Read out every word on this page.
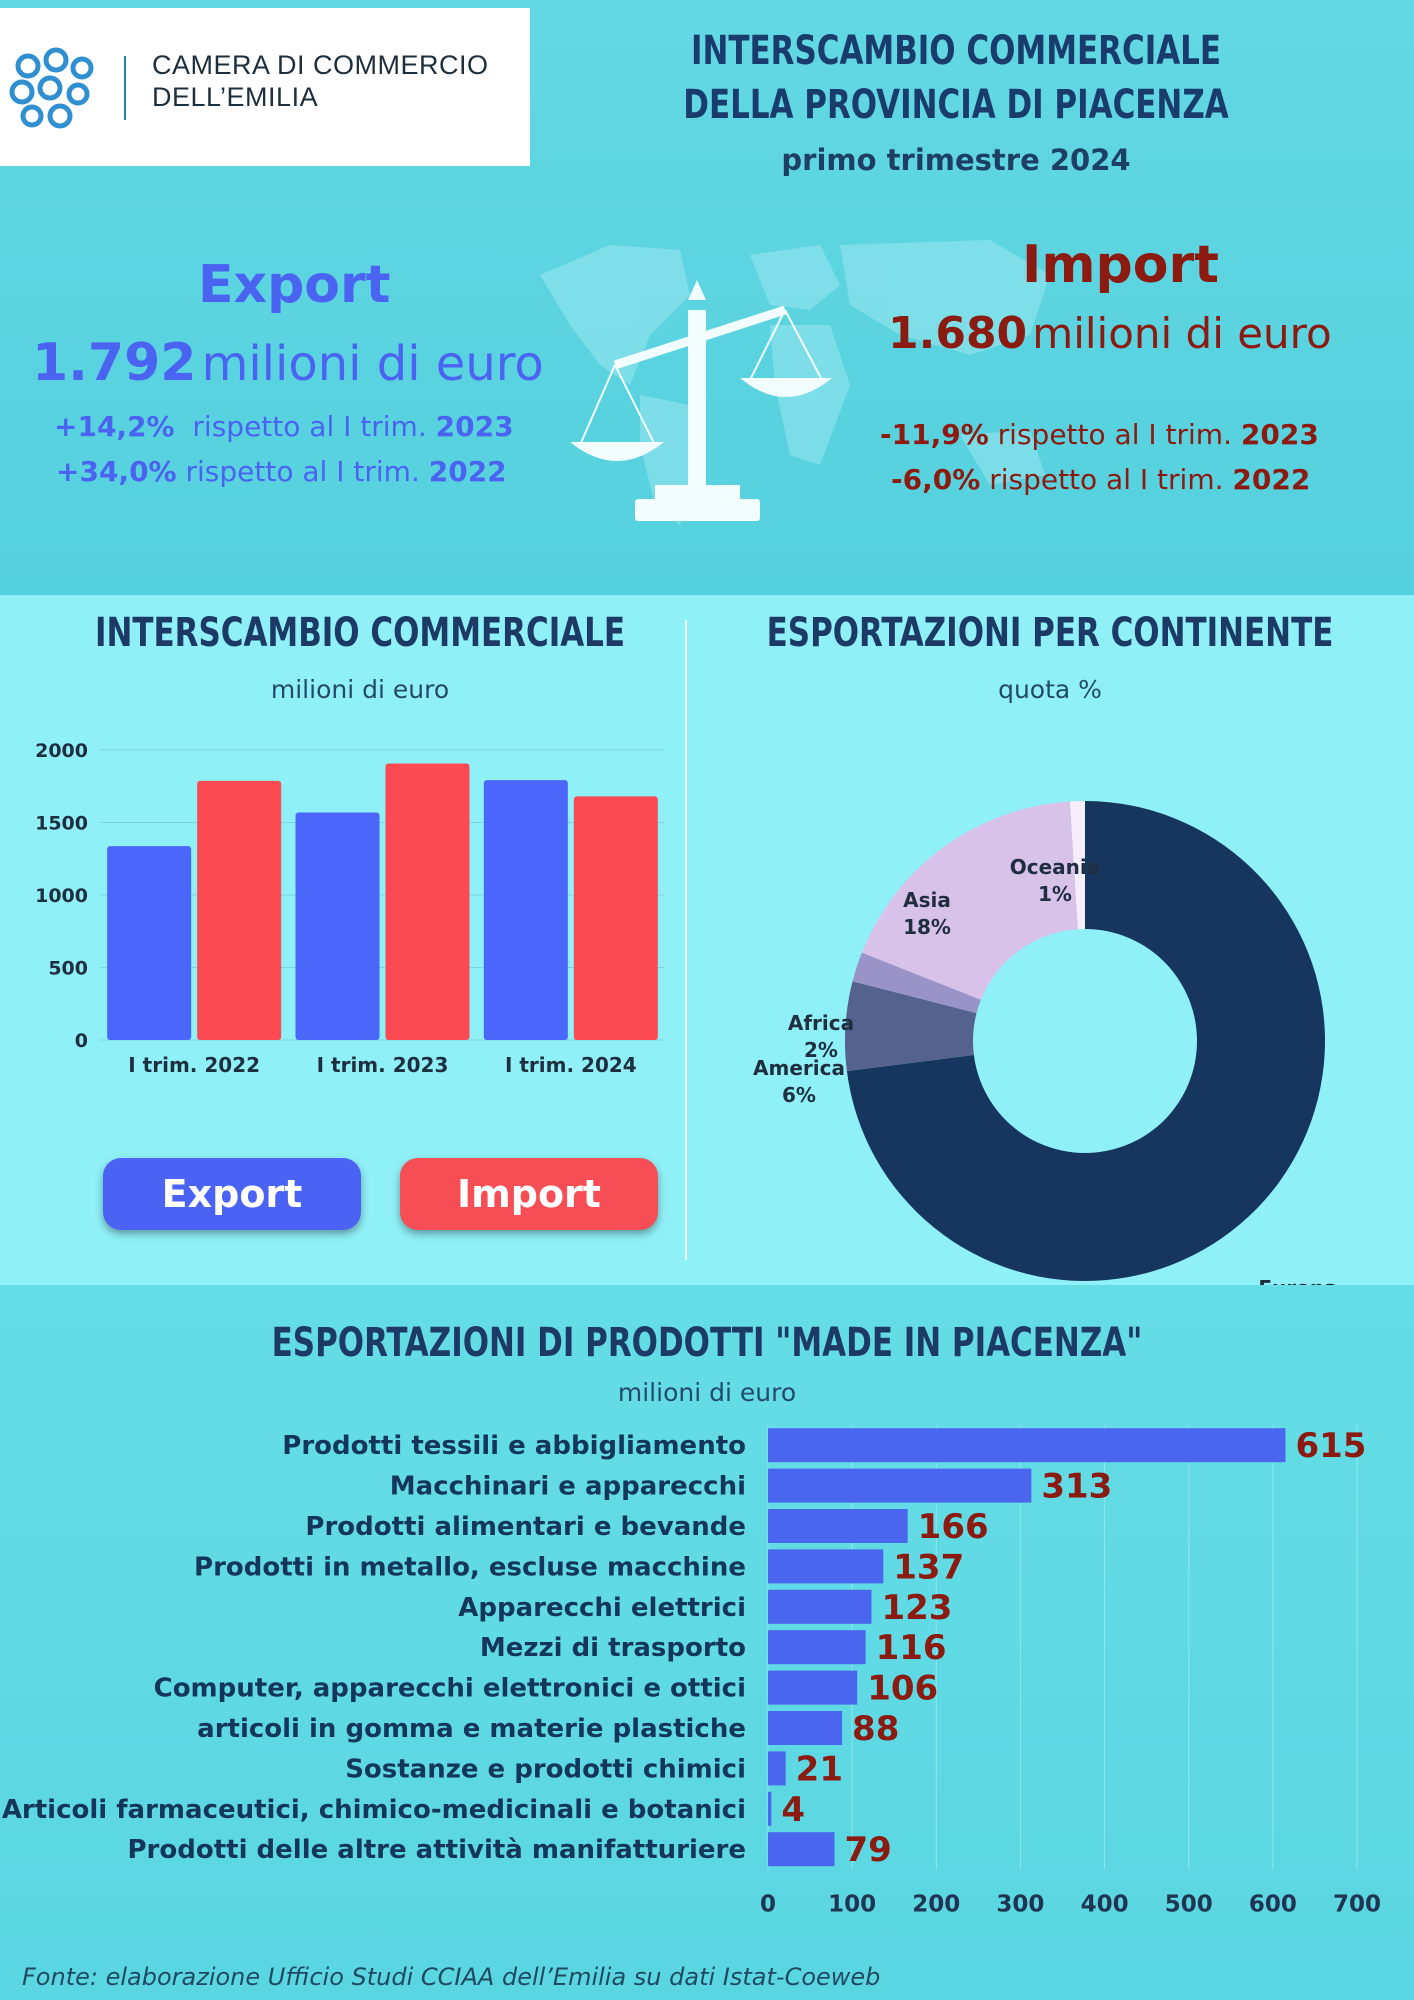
CAMERA DI COMMERCIO
DELL’EMILIA
INTERSCAMBIO COMMERCIALE
DELLA PROVINCIA DI PIACENZA
primo trimestre 2024
Export
1.792 milioni di euro
+14,2% rispetto al I trim. 2023
+34,0% rispetto al I trim. 2022
Import
1.680 milioni di euro
-11,9% rispetto al I trim. 2023
-6,0% rispetto al I trim. 2022
INTERSCAMBIO COMMERCIALE
milioni di euro
0
500
1000
1500
2000
I trim. 2022	I trim. 2023	I trim. 2024
Export	Import
ESPORTAZIONI PER CONTINENTE
quota %
America
6%
Africa
2%
Asia
18%
Oceania
1%
ESPORTAZIONI DI PRODOTTI "MADE IN PIACENZA"
milioni di euro
0 100 200 300 400 500 600 700
Prodotti tessili e abbigliamento	615
Macchinari e apparecchi	313
Prodotti alimentari e bevande	166
Prodotti in metallo, escluse macchine	137
Apparecchi elettrici	123
Mezzi di trasporto	116
Computer, apparecchi elettronici e ottici	106
articoli in gomma e materie plastiche	88
Sostanze e prodotti chimici 21
Articoli farmaceutici, chimico-medicinali e botanici 4
Prodotti delle altre attività manifatturiere	79
Fonte: elaborazione Ufficio Studi CCIAA dell’Emilia su dati Istat-Coeweb
